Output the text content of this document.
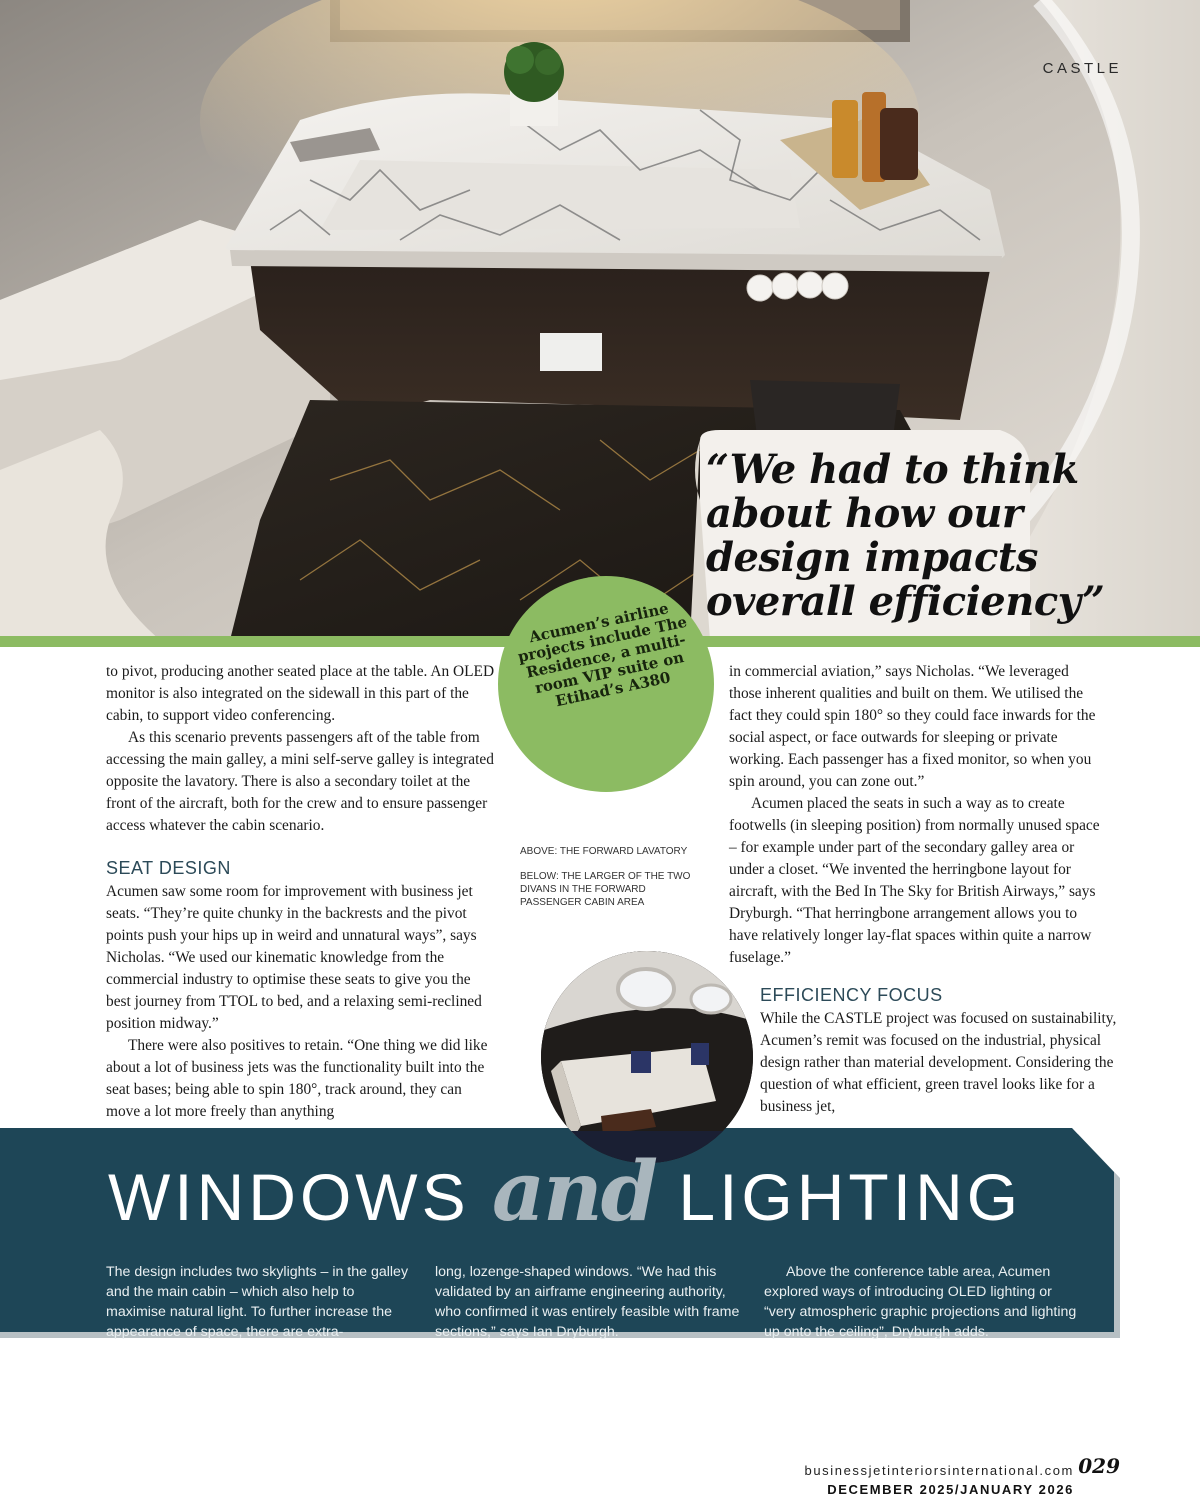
CASTLE
“We had to think about how our design impacts overall efficiency”

Acumen’s airline projects include The Residence, a multi-room VIP suite on Etihad’s A380

to pivot, producing another seated place at the table. An OLED monitor is also integrated on the sidewall in this part of the cabin, to support video conferencing.

As this scenario prevents passengers aft of the table from accessing the main galley, a mini self-serve galley is integrated opposite the lavatory. There is also a secondary toilet at the front of the aircraft, both for the crew and to ensure passenger access whatever the cabin scenario.

SEAT DESIGN

Acumen saw some room for improvement with business jet seats. “They’re quite chunky in the backrests and the pivot points push your hips up in weird and unnatural ways”, says Nicholas. “We used our kinematic knowledge from the commercial industry to optimise these seats to give you the best journey from TTOL to bed, and a relaxing semi-reclined position midway.”

There were also positives to retain. “One thing we did like about a lot of business jets was the functionality built into the seat bases; being able to spin 180°, track around, they can move a lot more freely than anything

ABOVE: THE FORWARD LAVATORY

BELOW: THE LARGER OF THE TWO DIVANS IN THE FORWARD PASSENGER CABIN AREA

in commercial aviation,” says Nicholas. “We leveraged those inherent qualities and built on them. We utilised the fact they could spin 180° so they could face inwards for the social aspect, or face outwards for sleeping or private working. Each passenger has a fixed monitor, so when you spin around, you can zone out.”

Acumen placed the seats in such a way as to create footwells (in sleeping position) from normally unused space – for example under part of the secondary galley area or under a closet. “We invented the herringbone layout for aircraft, with the Bed In The Sky for British Airways,” says Dryburgh. “That herringbone arrangement allows you to have relatively longer lay-flat spaces within quite a narrow fuselage.”

EFFICIENCY FOCUS

While the CASTLE project was focused on sustainability, Acumen’s remit was focused on the industrial, physical design rather than material development. Considering the question of what efficient, green travel looks like for a business jet,

WINDOWS and LIGHTING

The design includes two skylights – in the galley and the main cabin – which also help to maximise natural light. To further increase the appearance of space, there are extra-

long, lozenge-shaped windows. “We had this validated by an airframe engineering authority, who confirmed it was entirely feasible with frame sections,” says Ian Dryburgh.

Above the conference table area, Acumen explored ways of introducing OLED lighting or “very atmospheric graphic projections and lighting up onto the ceiling”, Dryburgh adds.

businessjetinteriorsinternational.com
DECEMBER 2025/JANUARY 2026
029
